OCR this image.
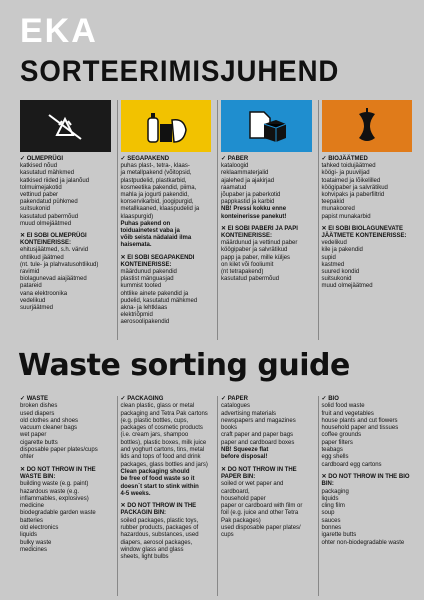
EKA
SORTEERIMISJUHEND
✓ OLMEPRÜGI
katkised nõud
kasutatud mähkmed
katkised riided ja jalanõud
tolmuimejakotid
vettinud paber
pakendatud pühkmed
suitsukonid
kasutatud pabermõud
muud olmejäätmed
✕ EI SOBI OLMEPRÜGI KONTEINERISSE:
ehitusjäätmed, s.h. värvid
ohtlikud jäätmed
(nt. tule- ja plahvatusohtlikud)
ravimid
biolagunevad aiajäätmed
patareid
vana elektroonika
vedelikud
suurjäätmed
✓ SEGAPAKEND
puhas plast-, tetra-, klaas-
ja metallpakend (võitopsid,
plastpudelid, plastkarbid,
kosmeetika pakendid, piima,
mahla ja jogurti pakendid,
konservikarbid, joogipurgid,
metallkaaned, klaaspudelid ja
klaaspurgid)
Puhas pakend on
toiduainetest vaba ja
võib seista nädalaid ilma
haisemata.
✕ EI SOBI SEGAPAKENDI KONTEINERISSE:
määrdunud pakendid
plastist mänguasjad
kummist tooted
ohtlike ainete pakendid ja
pudelid, kasutatud mähkmed
akna- ja lehtklaas
elektriõpmid
aerosoolipakendid
✓ PABER
kataloogid
reklaammaterjalid
ajalehed ja ajakirjad
raamatud
jõupaber ja paberkotid
pappkastid ja karbid
NB! Pressi kokku enne
konteinerisse panekut!
✕ EI SOBI PABERI JA PAPI KONTEINERISSE:
määrdunud ja vettinud paber
köögipaber ja salvrätikud
papp ja paber, mille küljes
on kilet või fooliumit
(nt tetrapakend)
kasutatud pabermõud
✓ BIOJÄÄTMED
tahked toidujäätmed
köögi- ja puuviljad
toataimed ja lõikelilled
köögipaber ja salvrätikud
kohvipaks ja paberfiltrid
teepakid
munakoored
papist munakarbid
✕ EI SOBI BIOLAGUNEVATE JÄÄTMETE KONTEINERISSE:
vedelikud
kile ja pakendid
supid
kastmed
suured kondid
suitsukonid
muud olmejäätmed
Waste sorting guide
✓ WASTE
broken dishes
used diapers
old clothes and shoes
vacuum cleaner bags
wet paper
cigarette butts
disposable paper plates/cups
ohter
✕ DO NOT THROW IN THE WASTE BIN:
building waste (e.g. paint)
hazardous waste (e.g.
inflammables, explosives)
medicine
biodegradable garden waste
batteries
old electronics
liquids
bulky waste
medicines
✓ PACKAGING
clean plastic, glass or metal
packaging and Tetra Pak cartons
(e.g. plastic bottles, cups,
packages of cosmetic products
(i.e. cream jars, shampoo
bottles), plastic boxes, milk juice
and yoghurt cartons, tins, metal
lids and tops of food and drink
packages, glass bottles and jars)
Clean packaging should
be free of food waste so it
doesn´t start to stink within
4-5 weeks.
✕ DO NOT THROW IN THE PACKAGIN BIN:
soiled packages, plastic toys,
rubber products, packages of
hazardous, substances, used
diapers, aerosol packages,
window glass and glass
sheets, light bulbs
✓ PAPER
catalogues
advertising materials
newspapers and magazines
books
craft paper and paper bags
paper and cardboard boxes
NB! Squeeze flat
before disposal!
✕ DO NOT THROW IN THE PAPER BIN:
soiled or wet paper and
cardboard,
household paper
paper or cardboard with film or
foil (e.g. juice and other Tetra
Pak packages)
used disposable paper plates/
cups
✓ BIO
solid food waste
fruit and vegetables
house plants and cut flowers
household paper and tissues
coffee grounds
paper filters
teabags
egg shells
cardboard egg cartons
✕ DO NOT THROW IN THE BIO BIN:
packaging
liquids
cling film
soup
sauces
bonnes
igarette butts
ohter non-biodegradable waste
